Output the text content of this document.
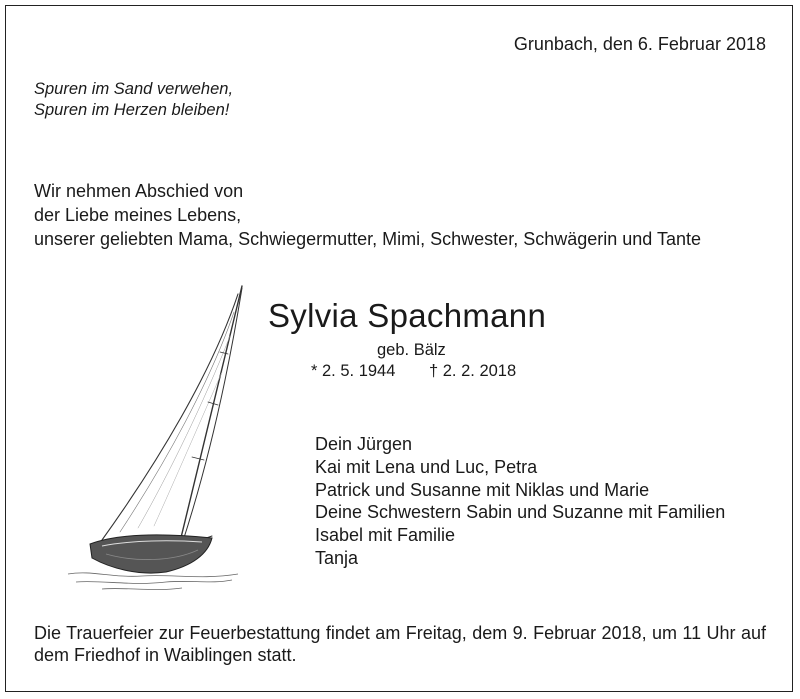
Grunbach, den 6. Februar 2018
Spuren im Sand verwehen,
Spuren im Herzen bleiben!
Wir nehmen Abschied von
der Liebe meines Lebens,
unserer geliebten Mama, Schwiegermutter, Mimi, Schwester, Schwägerin und Tante
Sylvia Spachmann
geb. Bälz
* 2. 5. 1944 † 2. 2. 2018
Dein Jürgen
Kai mit Lena und Luc, Petra
Patrick und Susanne mit Niklas und Marie
Deine Schwestern Sabin und Suzanne mit Familien
Isabel mit Familie
Tanja
Die Trauerfeier zur Feuerbestattung findet am Freitag, dem 9. Februar 2018, um 11 Uhr auf dem Friedhof in Waiblingen statt.
